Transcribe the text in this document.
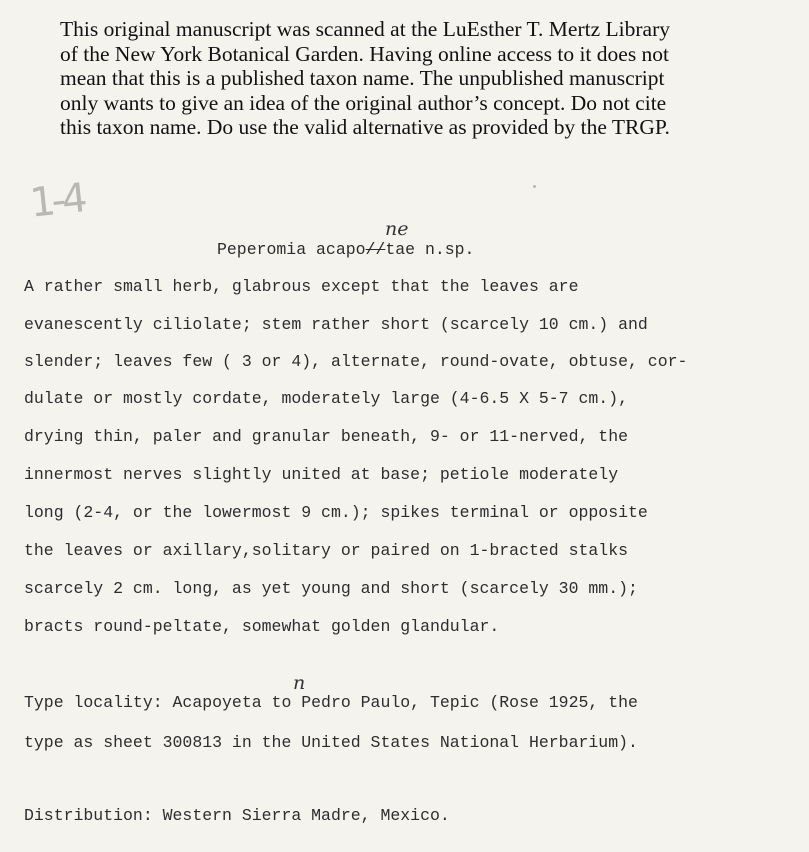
This original manuscript was scanned at the LuEsther T. Mertz Library

of the New York Botanical Garden. Having online access to it does not

mean that this is a published taxon name. The unpublished manuscript

only wants to give an idea of the original author’s concept. Do not cite

this taxon name. Do use the valid alternative as provided by the TRGP.

1‑4
ne
Peperomia acapo//tae n.sp.
A rather small herb, glabrous except that the leaves are
evanescently ciliolate; stem rather short (scarcely 10 cm.) and
slender; leaves few ( 3 or 4), alternate, round-ovate, obtuse, cor-
dulate or mostly cordate, moderately large (4-6.5 X 5-7 cm.),
drying thin, paler and granular beneath, 9- or 11-nerved, the
innermost nerves slightly united at base; petiole moderately
long (2-4, or the lowermost 9 cm.); spikes terminal or opposite
the leaves or axillary,solitary or paired on 1-bracted stalks
scarcely 2 cm. long, as yet young and short (scarcely 30 mm.);
bracts round-peltate, somewhat golden glandular.
n
Type locality: Acapoyeta to Pedro Paulo, Tepic (Rose 1925, the
type as sheet 300813 in the United States National Herbarium).
Distribution: Western Sierra Madre, Mexico.
